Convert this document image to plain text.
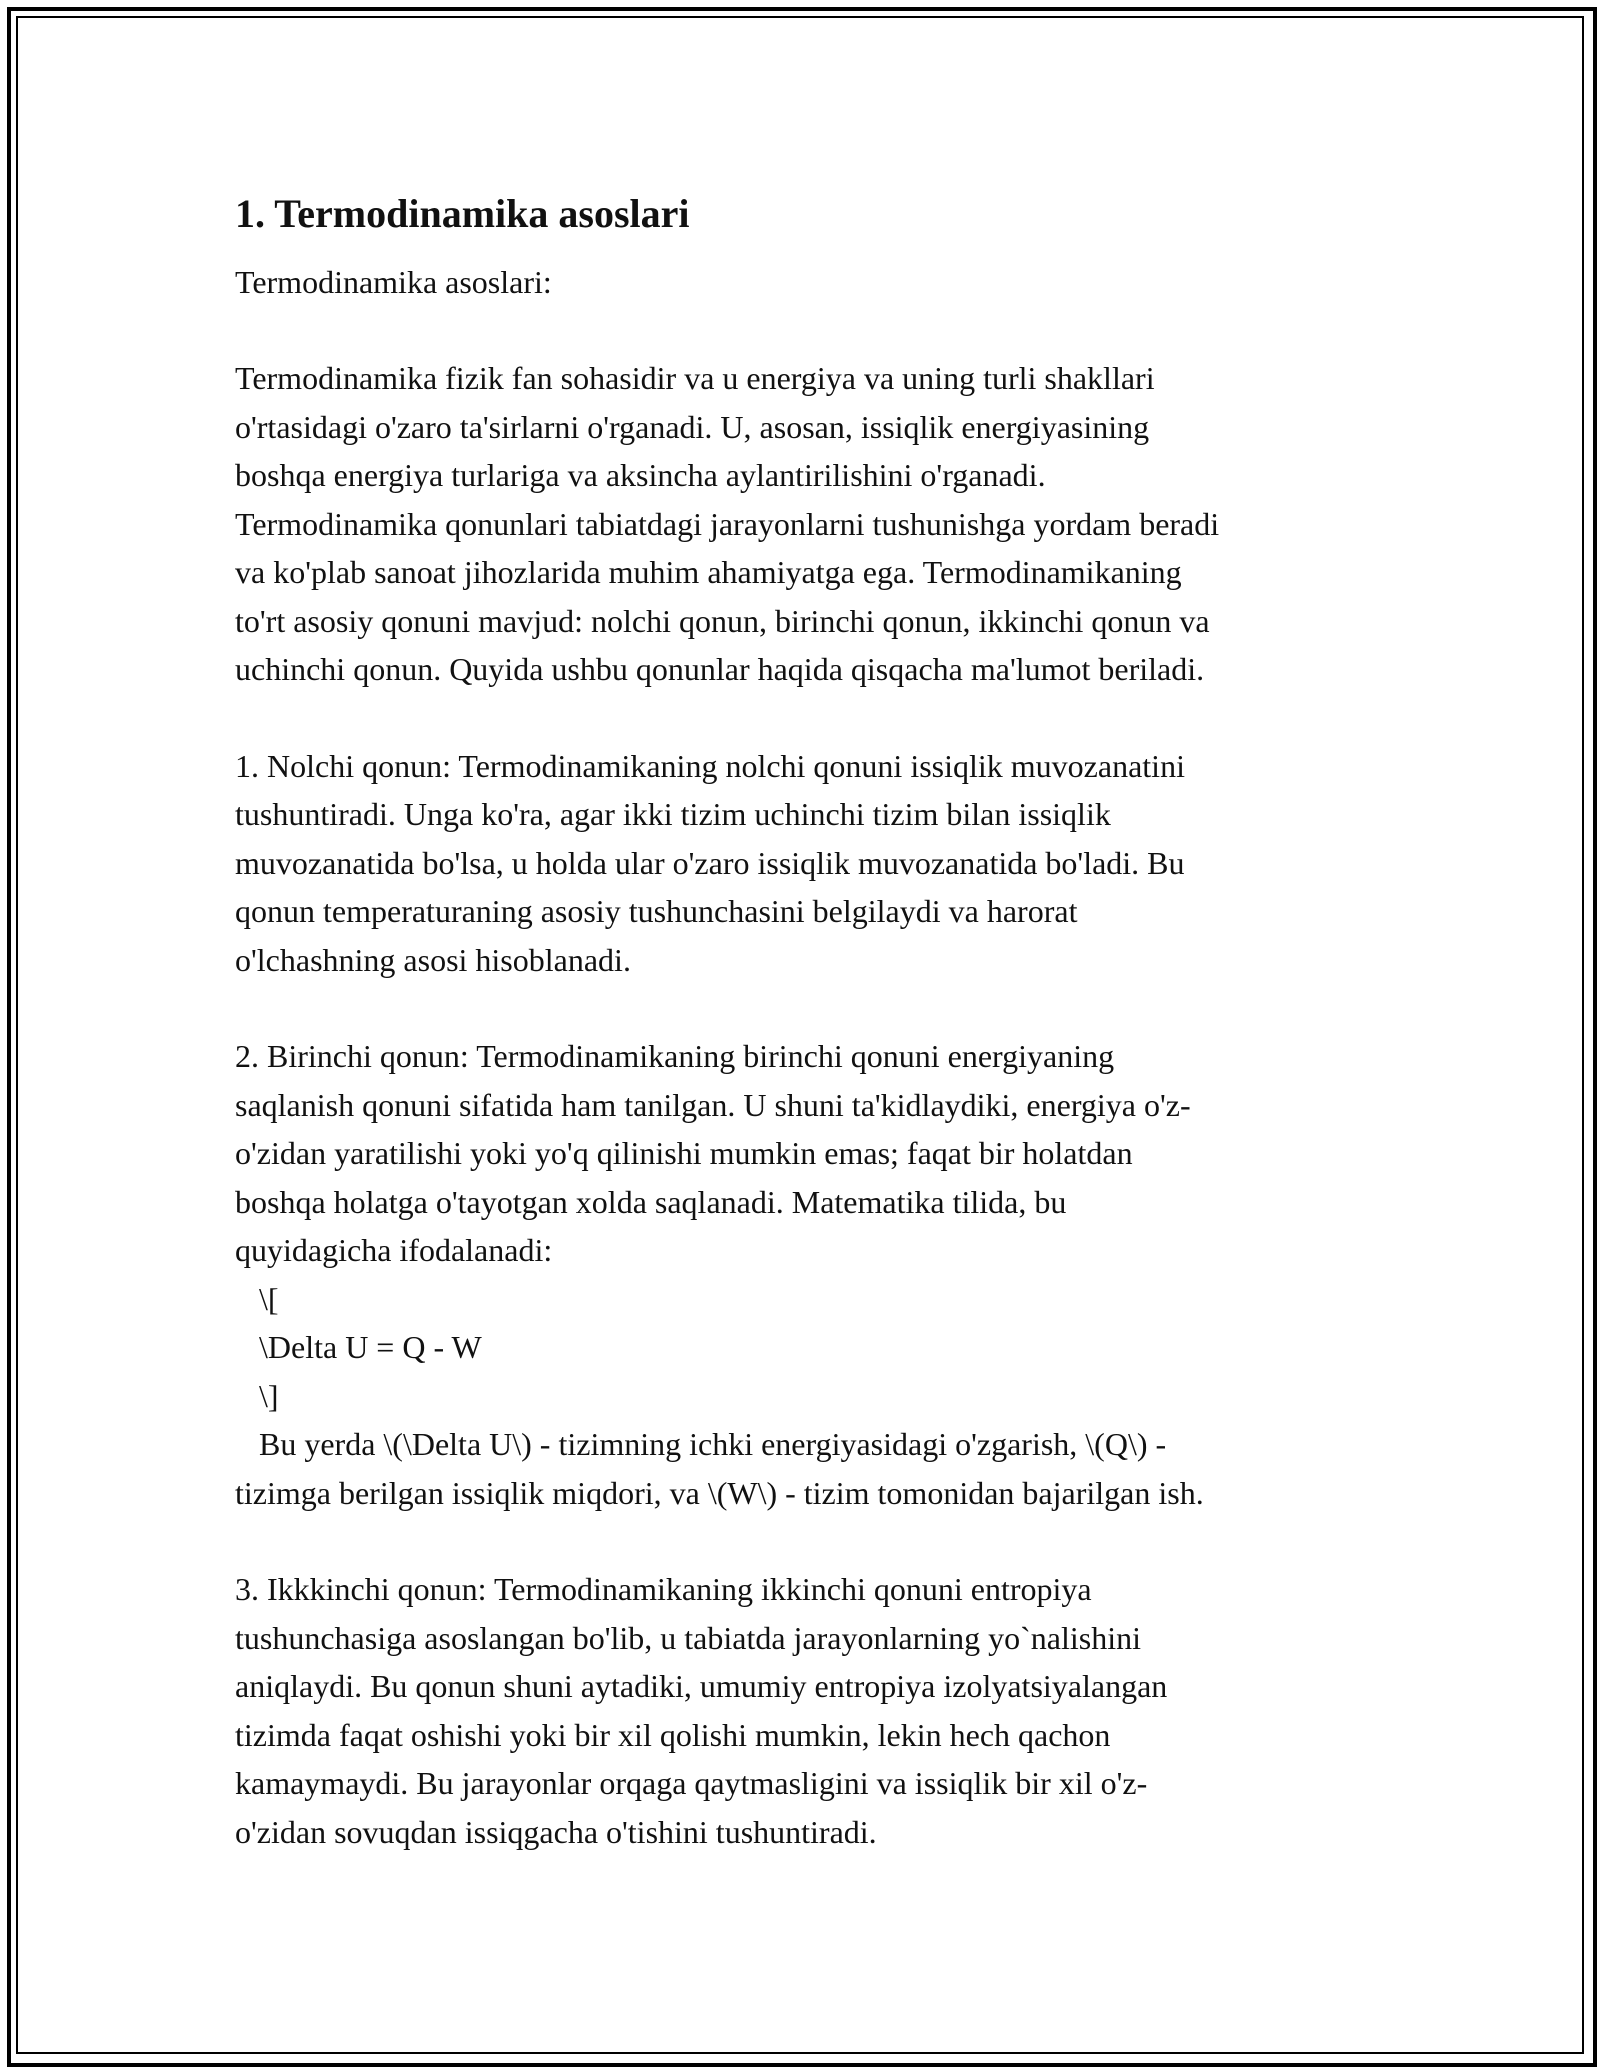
1. Termodinamika asoslari

Termodinamika asoslari:

Termodinamika fizik fan sohasidir va u energiya va uning turli shakllari
o'rtasidagi o'zaro ta'sirlarni o'rganadi. U, asosan, issiqlik energiyasining
boshqa energiya turlariga va aksincha aylantirilishini o'rganadi.
Termodinamika qonunlari tabiatdagi jarayonlarni tushunishga yordam beradi
va ko'plab sanoat jihozlarida muhim ahamiyatga ega. Termodinamikaning
to'rt asosiy qonuni mavjud: nolchi qonun, birinchi qonun, ikkinchi qonun va
uchinchi qonun. Quyida ushbu qonunlar haqida qisqacha ma'lumot beriladi.
1. Nolchi qonun: Termodinamikaning nolchi qonuni issiqlik muvozanatini
tushuntiradi. Unga ko'ra, agar ikki tizim uchinchi tizim bilan issiqlik
muvozanatida bo'lsa, u holda ular o'zaro issiqlik muvozanatida bo'ladi. Bu
qonun temperaturaning asosiy tushunchasini belgilaydi va harorat
o'lchashning asosi hisoblanadi.
2. Birinchi qonun: Termodinamikaning birinchi qonuni energiyaning
saqlanish qonuni sifatida ham tanilgan. U shuni ta'kidlaydiki, energiya o'z-
o'zidan yaratilishi yoki yo'q qilinishi mumkin emas; faqat bir holatdan
boshqa holatga o'tayotgan xolda saqlanadi. Matematika tilida, bu
quyidagicha ifodalanadi:
\[
\Delta U = Q - W
\]
Bu yerda \(\Delta U\) - tizimning ichki energiyasidagi o'zgarish, \(Q\) -
tizimga berilgan issiqlik miqdori, va \(W\) - tizim tomonidan bajarilgan ish.
3. Ikkkinchi qonun: Termodinamikaning ikkinchi qonuni entropiya
tushunchasiga asoslangan bo'lib, u tabiatda jarayonlarning yo`nalishini
aniqlaydi. Bu qonun shuni aytadiki, umumiy entropiya izolyatsiyalangan
tizimda faqat oshishi yoki bir xil qolishi mumkin, lekin hech qachon
kamaymaydi. Bu jarayonlar orqaga qaytmasligini va issiqlik bir xil o'z-
o'zidan sovuqdan issiqgacha o'tishini tushuntiradi.
